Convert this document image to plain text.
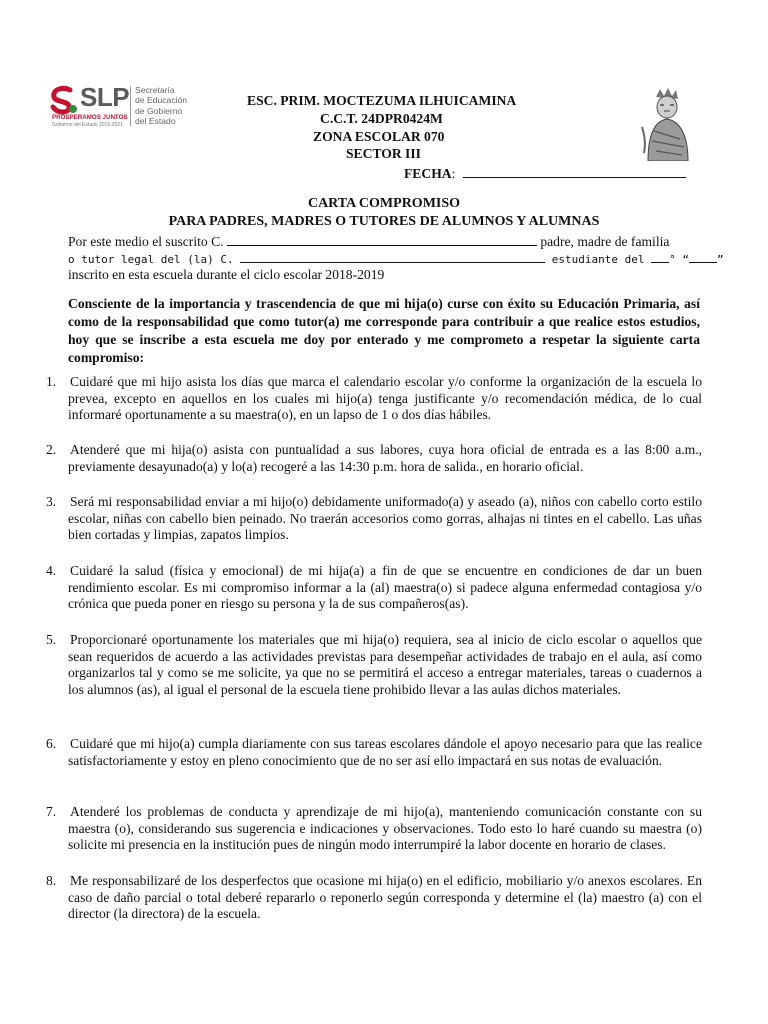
SLP
PROSPERAMOS JUNTOS
Gobierno del Estado 2015-2021
Secretaría
de Educación
de Gobierno
del Estado
ESC. PRIM. MOCTEZUMA ILHUICAMINA
C.C.T. 24DPR0424M
ZONA ESCOLAR 070
SECTOR III
FECHA:
CARTA COMPROMISO
PARA PADRES, MADRES O TUTORES DE ALUMNOS Y ALUMNAS
Por este medio el suscrito C.	padre, madre de familia
o tutor legal del (la) C.	estudiante del ° “	”
inscrito en esta escuela durante el ciclo escolar 2018-2019
Consciente de la importancia y trascendencia de que mi hija(o) curse con éxito su Educación Primaria, así como de la responsabilidad que como tutor(a) me corresponde para contribuir a que realice estos estudios, hoy que se inscribe a esta escuela me doy por enterado y me comprometo a respetar la siguiente carta compromiso:
1.	Cuidaré que mi hijo asista los días que marca el calendario escolar y/o conforme la organización de la escuela lo prevea, excepto en aquellos en los cuales mi hijo(a) tenga justificante y/o recomendación médica, de lo cual informaré oportunamente a su maestra(o), en un lapso de 1 o dos días hábiles.
2.	Atenderé que mi hija(o) asista con puntualidad a sus labores, cuya hora oficial de entrada es a las 8:00 a.m., previamente desayunado(a) y lo(a) recogeré a las 14:30 p.m. hora de salida., en horario oficial.
3.	Será mi responsabilidad enviar a mi hijo(o) debidamente uniformado(a) y aseado (a), niños con cabello corto estilo escolar, niñas con cabello bien peinado. No traerán accesorios como gorras, alhajas ni tintes en el cabello. Las uñas bien cortadas y limpias, zapatos limpios.
4.	Cuidaré la salud (física y emocional) de mi hija(a) a fin de que se encuentre en condiciones de dar un buen rendimiento escolar. Es mi compromiso informar a la (al) maestra(o) si padece alguna enfermedad contagiosa y/o crónica que pueda poner en riesgo su persona y la de sus compañeros(as).
5.	Proporcionaré oportunamente los materiales que mi hija(o) requiera, sea al inicio de ciclo escolar o aquellos que sean requeridos de acuerdo a las actividades previstas para desempeñar actividades de trabajo en el aula, así como organizarlos tal y como se me solicite, ya que no se permitirá el acceso a entregar materiales, tareas o cuadernos a los alumnos (as), al igual el personal de la escuela tiene prohibido llevar a las aulas dichos materiales.
6.	Cuidaré que mi hijo(a) cumpla diariamente con sus tareas escolares dándole el apoyo necesario para que las realice satisfactoriamente y estoy en pleno conocimiento que de no ser así ello impactará en sus notas de evaluación.
7.	Atenderé los problemas de conducta y aprendizaje de mi hijo(a), manteniendo comunicación constante con su maestra (o), considerando sus sugerencia e indicaciones y observaciones. Todo esto lo haré cuando su maestra (o) solicite mi presencia en la institución pues de ningún modo interrumpiré la labor docente en horario de clases.
8.	Me responsabilizaré de los desperfectos que ocasione mi hija(o) en el edificio, mobiliario y/o anexos escolares. En caso de daño parcial o total deberé repararlo o reponerlo según corresponda y determine el (la) maestro (a) con el director (la directora) de la escuela.
